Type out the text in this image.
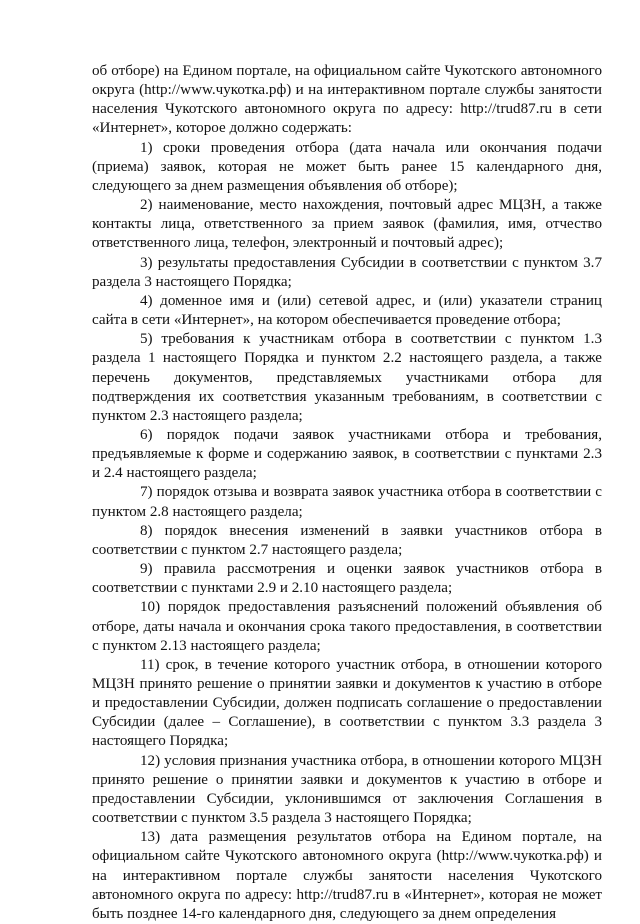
об отборе) на Едином портале, на официальном сайте Чукотского автономного округа (http://www.чукотка.рф) и на интерактивном портале службы занятости населения Чукотского автономного округа по адресу: http://trud87.ru в сети «Интернет», которое должно содержать:

1) сроки проведения отбора (дата начала или окончания подачи (приема) заявок, которая не может быть ранее 15 календарного дня, следующего за днем размещения объявления об отборе);

2) наименование, место нахождения, почтовый адрес МЦЗН, а также контакты лица, ответственного за прием заявок (фамилия, имя, отчество ответственного лица, телефон, электронный и почтовый адрес);

3) результаты предоставления Субсидии в соответствии с пунктом 3.7 раздела 3 настоящего Порядка;

4) доменное имя и (или) сетевой адрес, и (или) указатели страниц сайта в сети «Интернет», на котором обеспечивается проведение отбора;

5) требования к участникам отбора в соответствии с пунктом 1.3 раздела 1 настоящего Порядка и пунктом 2.2 настоящего раздела, а также перечень документов, представляемых участниками отбора для подтверждения их соответствия указанным требованиям, в соответствии с пунктом 2.3 настоящего раздела;

6) порядок подачи заявок участниками отбора и требования, предъявляемые к форме и содержанию заявок, в соответствии с пунктами 2.3 и 2.4 настоящего раздела;

7) порядок отзыва и возврата заявок участника отбора в соответствии с пунктом 2.8 настоящего раздела;

8) порядок внесения изменений в заявки участников отбора в соответствии с пунктом 2.7 настоящего раздела;

9) правила рассмотрения и оценки заявок участников отбора в соответствии с пунктами 2.9 и 2.10 настоящего раздела;

10) порядок предоставления разъяснений положений объявления об отборе, даты начала и окончания срока такого предоставления, в соответствии с пунктом 2.13 настоящего раздела;

11) срок, в течение которого участник отбора, в отношении которого МЦЗН принято решение о принятии заявки и документов к участию в отборе и предоставлении Субсидии, должен подписать соглашение о предоставлении Субсидии (далее – Соглашение), в соответствии с пунктом 3.3 раздела 3 настоящего Порядка;

12) условия признания участника отбора, в отношении которого МЦЗН принято решение о принятии заявки и документов к участию в отборе и предоставлении Субсидии, уклонившимся от заключения Соглашения в соответствии с пунктом 3.5 раздела 3 настоящего Порядка;

13) дата размещения результатов отбора на Едином портале, на официальном сайте Чукотского автономного округа (http://www.чукотка.рф) и на интерактивном портале службы занятости населения Чукотского автономного округа по адресу: http://trud87.ru в «Интернет», которая не может быть позднее 14-го календарного дня, следующего за днем определения
